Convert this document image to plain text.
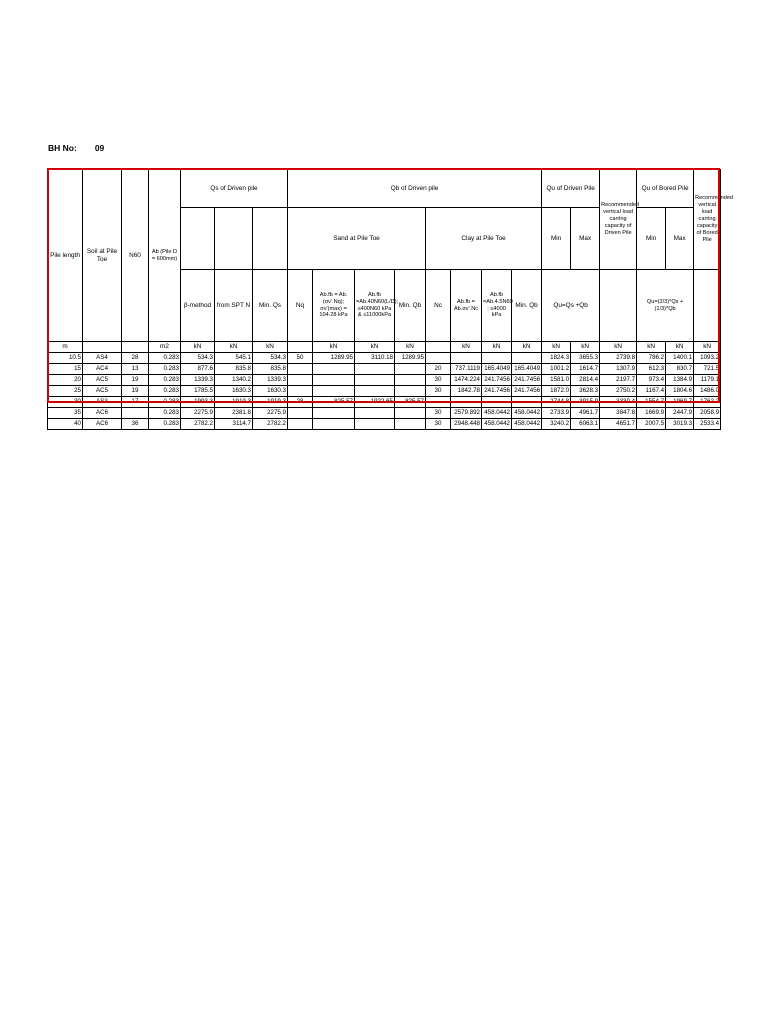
BH No: 09
Pile length	Soil at Pile Toe	N60	Ab (Pile D = 600mm)	Qs of Driven pile			Qb of Driven pile								Qu of Driven Pile		Recommended vertical load carring capacity of Driven Pile	Qu of Bored Pile		Recommended vertical load carring capacity of Bored Pile
							Sand at Pile Toe				Clay at Pile Toe				Min	Max		Min	Max	
				β-method	from SPT N	Min. Qs	Nq	Ab.fb = Ab.(σv'.Nq); σv'(max) = 104.28 kPa	Ab.fb =Ab.40N60(L/D); ≤400N60 kPa & ≤11000kPa	Min. Qb	Nc	Ab.fb = Ab.σv'.Nc	Ab.fb =Ab.4.5N60 ; ≤4000 kPa	Min. Qb	Qu=Qs +Qb			Qu=(2/3)*Qs +(1/3)*Qb		
m			m2	kN	kN	kN		kN	kN	kN		kN	kN	kN	kN	kN	kN	kN	kN	kN
10.5	AS4	28	0.283	534.3	545.1	534.3	50	1289.95	3110.18	1289.95					1824.3	3655.3	2739.8	786.2	1400.1	1093.2
15	AC4	13	0.283	877.6	835.8	835.8					20	737.1119	165.4049	165.4049	1001.2	1614.7	1307.9	612.3	830.7	721.5
20	AC5	19	0.283	1339.3	1340.2	1339.3					30	1474.224	241.7456	241.7456	1581.0	2814.4	2197.7	973.4	1384.9	1179.1
25	AC5	19	0.283	1785.5	1630.3	1630.3					30	1842.78	241.7456	241.7456	1872.0	3628.3	2750.2	1167.4	1804.6	1486.0
30	AS3	17	0.283	1993.3	1919.3	1919.3	28	825.57	1922.65	825.57					2744.8	3915.9	3330.4	1554.7	1969.7	1762.2
35	AC6		0.283	2275.9	2381.8	2275.9					30	2579.892	458.0442	458.0442	2733.9	4961.7	3847.8	1669.9	2447.9	2058.9
40	AC6	36	0.283	2782.2	3114.7	2782.2					30	2948.448	458.0442	458.0442	3240.2	6063.1	4651.7	2007.5	3019.3	2533.4
